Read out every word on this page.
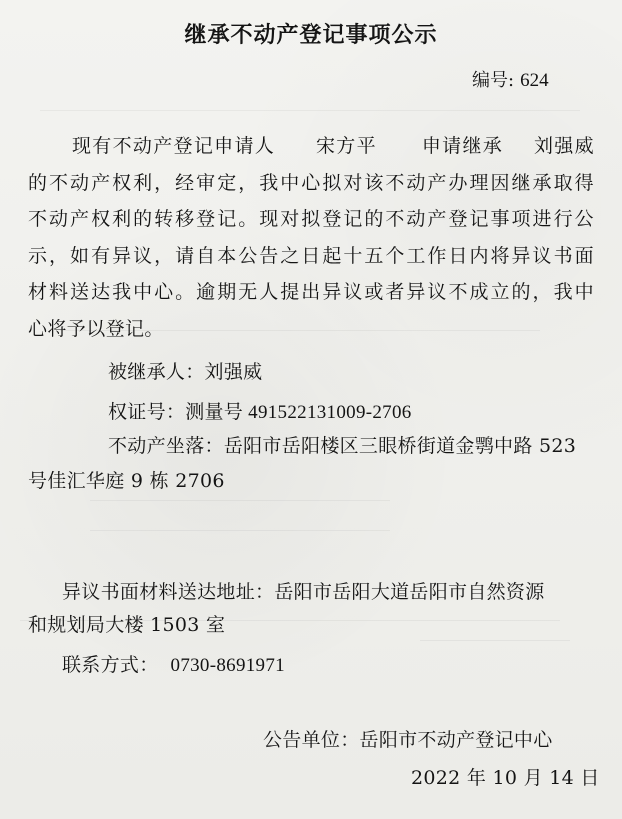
继承不动产登记事项公示
编号: 624
现有不动产登记申请人 宋方平 申请继承 刘强威
的不动产权利，经审定，我中心拟对该不动产办理因继承取得
不动产权利的转移登记。现对拟登记的不动产登记事项进行公
示，如有异议，请自本公告之日起十五个工作日内将异议书面
材料送达我中心。逾期无人提出异议或者异议不成立的，我中
心将予以登记。
被继承人：刘强威
权证号：测量号 491522131009-2706
不动产坐落：岳阳市岳阳楼区三眼桥街道金鹗中路 523
号佳汇华庭 9 栋 2706
异议书面材料送达地址：岳阳市岳阳大道岳阳市自然资源
和规划局大楼 1503 室
联系方式： 0730-8691971
公告单位：岳阳市不动产登记中心
2022 年 10 月 14 日
